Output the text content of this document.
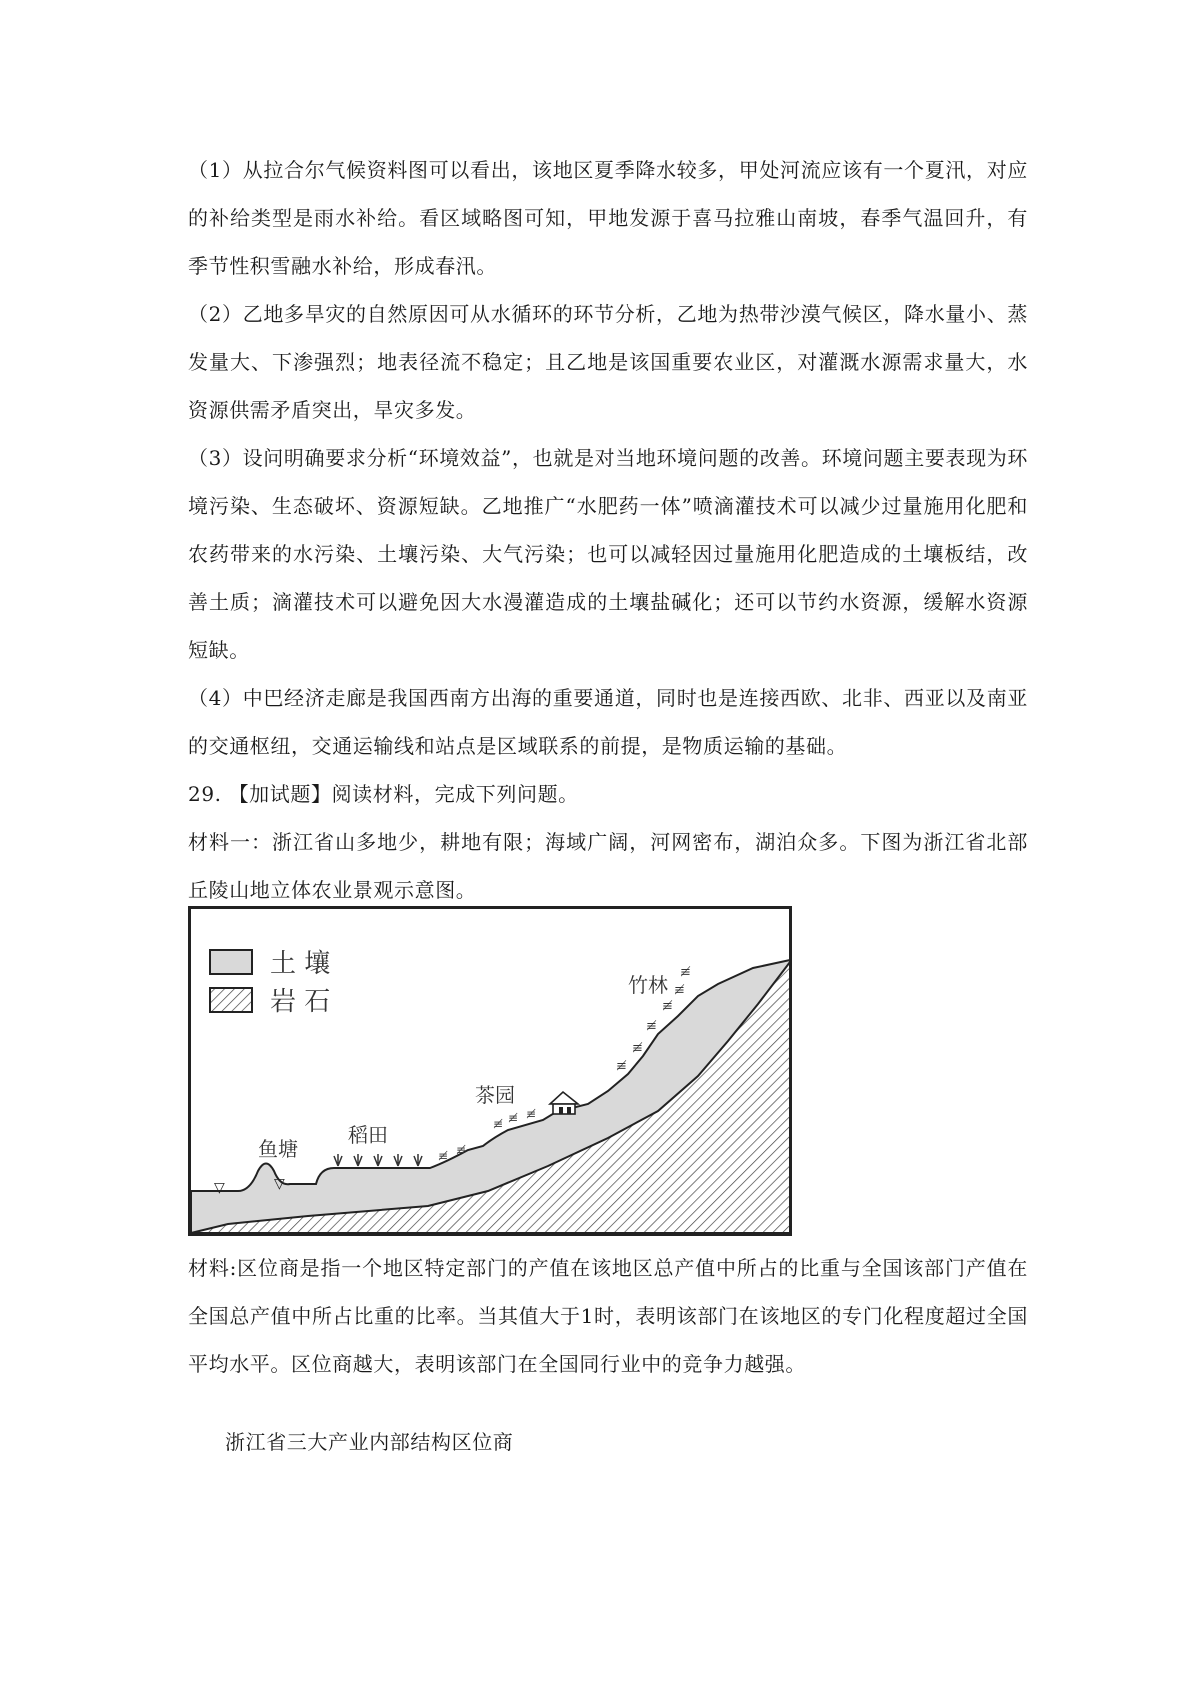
（1）从拉合尔气候资料图可以看出，该地区夏季降水较多，甲处河流应该有一个夏汛，对应的补给类型是雨水补给。看区域略图可知，甲地发源于喜马拉雅山南坡，春季气温回升，有季节性积雪融水补给，形成春汛。

（2）乙地多旱灾的自然原因可从水循环的环节分析，乙地为热带沙漠气候区，降水量小、蒸发量大、下渗强烈；地表径流不稳定；且乙地是该国重要农业区，对灌溉水源需求量大，水资源供需矛盾突出，旱灾多发。

（3）设问明确要求分析“环境效益”，也就是对当地环境问题的改善。环境问题主要表现为环境污染、生态破坏、资源短缺。乙地推广“水肥药一体”喷滴灌技术可以减少过量施用化肥和农药带来的水污染、土壤污染、大气污染；也可以减轻因过量施用化肥造成的土壤板结，改善土质；滴灌技术可以避免因大水漫灌造成的土壤盐碱化；还可以节约水资源，缓解水资源短缺。

（4）中巴经济走廊是我国西南方出海的重要通道，同时也是连接西欧、北非、西亚以及南亚的交通枢纽，交通运输线和站点是区域联系的前提，是物质运输的基础。

29. 【加试题】阅读材料，完成下列问题。

材料一：浙江省山多地少，耕地有限；海域广阔，河网密布，湖泊众多。下图为浙江省北部丘陵山地立体农业景观示意图。

土 壤
岩 石
▽	▽
鱼塘
稻田
茶园
竹林
≢ ≢
≢ ≢ ≢
≢
≢
≢
≢
≢
≢

材料:区位商是指一个地区特定部门的产值在该地区总产值中所占的比重与全国该部门产值在全国总产值中所占比重的比率。当其值大于1时，表明该部门在该地区的专门化程度超过全国平均水平。区位商越大，表明该部门在全国同行业中的竞争力越强。

浙江省三大产业内部结构区位商
